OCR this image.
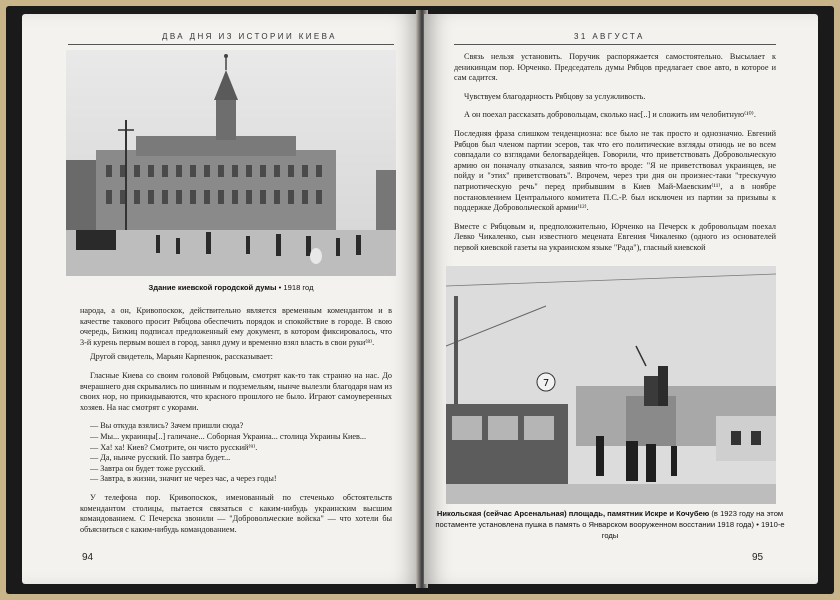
ДВА ДНЯ ИЗ ИСТОРИИ КИЕВА
Здание киевской городской думы • 1918 год

народа, а он, Кривопоскок, действительно является временным комендантом и в качестве такового просит Рябцова обеспечить порядок и спокойствие в городе. В свою очередь, Бизкиц подписал предложенный ему документ, в котором фиксировалось, что 3-й курень первым вошел в город, занял думу и временно взял власть в свои руки⁽⁸⁾.

Другой свидетель, Марьян Карпенюк, рассказывает:

Гласные Киева со своим головой Рябцовым, смотрят как-то так странно на нас. До вчерашнего дня скрывались по шинным и подземельям, нынче вылезли благодаря нам из своих нор, но прикидываются, что красного прошлого не было. Играют самоуверенных хозяев. На нас смотрят с укорами.

— Вы откуда взялись? Зачем пришли сюда?

— Мы... украинцы[..] галичане... Соборная Украина... столица Украины Киев...

— Ха! ха! Киев? Смотрите, он чисто русский⁽⁹⁾.

— Да, нынче русский. По завтра будет...

— Завтра он будет тоже русский.

— Завтра, в жизни, значит не через час, а через годы!

У телефона пор. Кривопоскок, именованный по стеченько обстоятельств комендантом столицы, пытается связаться с каким-нибудь украинским высшим командованием. С Печерска звонили — "Добровольческие войска" — что хотели бы объясниться с каким-нибудь командованием.

94
31 АВГУСТА

Связь нельзя установить. Поручик распоряжается самостоятельно. Высылает к деникинцам пор. Юрченко. Председатель думы Рябцов предлагает свое авто, в которое и сам садится.

Чувствуем благодарность Рябцову за услужливость.

А он поехал рассказать добровольцам, сколько нас[..] и сложить им челобитную⁽¹⁰⁾.

Последняя фраза слишком тенденциозна: все было не так просто и однозначно. Евгений Рябцов был членом партии эсеров, так что его политические взгляды отнюдь не во всем совпадали со взглядами белогвардейцев. Говорили, что приветствовать Добровольческую армию он поначалу отказался, заявив что-то вроде: "Я не приветствовал украинцев, не пойду и "этих" приветствовать". Впрочем, через три дня он произнес-таки "трескучую патриотическую речь" перед прибывшим в Киев Май-Маевским⁽¹¹⁾, а в ноябре постановлением Центрального комитета П.С.-Р. был исключен из партии за призывы к поддержке Добровольческой армии⁽¹²⁾.

Вместе с Рябцовым и, предположительно, Юрченко на Печерск к добровольцам поехал Левко Чикаленко, сын известного мецената Евгения Чикаленко (одного из основателей первой киевской газеты на украинском языке "Рада"), гласный киевской

7
Никольская (сейчас Арсенальная) площадь, памятник Искре и Кочубею (в 1923 году на этом постаменте установлена пушка в память о Январском вооруженном восстании 1918 года) • 1910-е годы
95
